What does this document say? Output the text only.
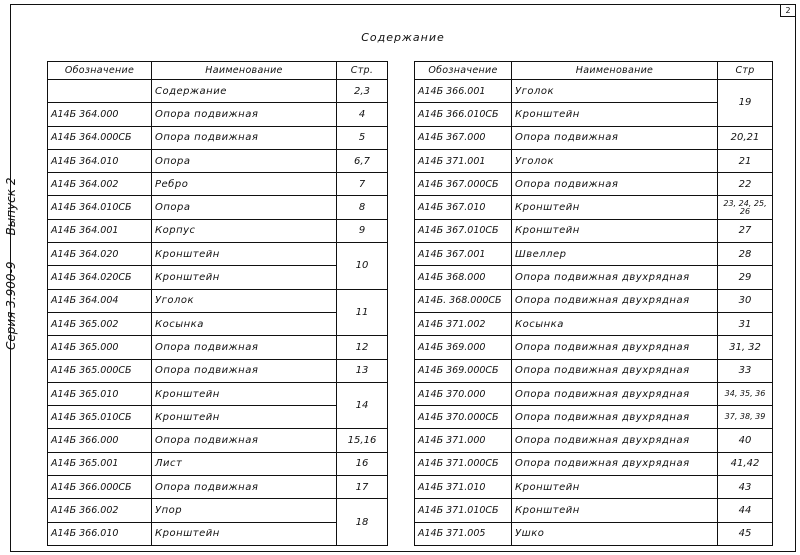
2
Содержание
Серия 3.900-9
Выпуск 2
Обозначение	Наименование	Стр.
	Содержание	2,3
А14Б 364.000	Опора подвижная	4
А14Б 364.000СБ	Опора подвижная	5
А14Б 364.010	Опора	6,7
А14Б 364.002	Ребро	7
А14Б 364.010СБ	Опора	8
А14Б 364.001	Корпус	9
А14Б 364.020	Кронштейн	10
А14Б 364.020СБ	Кронштейн	
А14Б 364.004	Уголок	11
А14Б 365.002	Косынка	
А14Б 365.000	Опора подвижная	12
А14Б 365.000СБ	Опора подвижная	13
А14Б 365.010	Кронштейн	14
А14Б 365.010СБ	Кронштейн	
А14Б 366.000	Опора подвижная	15,16
А14Б 365.001	Лист	16
А14Б 366.000СБ	Опора подвижная	17
А14Б 366.002	Упор	18
А14Б 366.010	Кронштейн	
Обозначение	Наименование	Стр
А14Б 366.001	Уголок	19
А14Б 366.010СБ	Кронштейн	
А14Б 367.000	Опора подвижная	20,21
А14Б 371.001	Уголок	21
А14Б 367.000СБ	Опора подвижная	22
А14Б 367.010	Кронштейн	23, 24, 25, 26
А14Б 367.010СБ	Кронштейн	27
А14Б 367.001	Швеллер	28
А14Б 368.000	Опора подвижная двухрядная	29
А14Б. 368.000СБ	Опора подвижная двухрядная	30
А14Б 371.002	Косынка	31
А14Б 369.000	Опора подвижная двухрядная	31, 32
А14Б 369.000СБ	Опора подвижная двухрядная	33
А14Б 370.000	Опора подвижная двухрядная	34, 35, 36
А14Б 370.000СБ	Опора подвижная двухрядная	37, 38, 39
А14Б 371.000	Опора подвижная двухрядная	40
А14Б 371.000СБ	Опора подвижная двухрядная	41,42
А14Б 371.010	Кронштейн	43
А14Б 371.010СБ	Кронштейн	44
А14Б 371.005	Ушко	45
